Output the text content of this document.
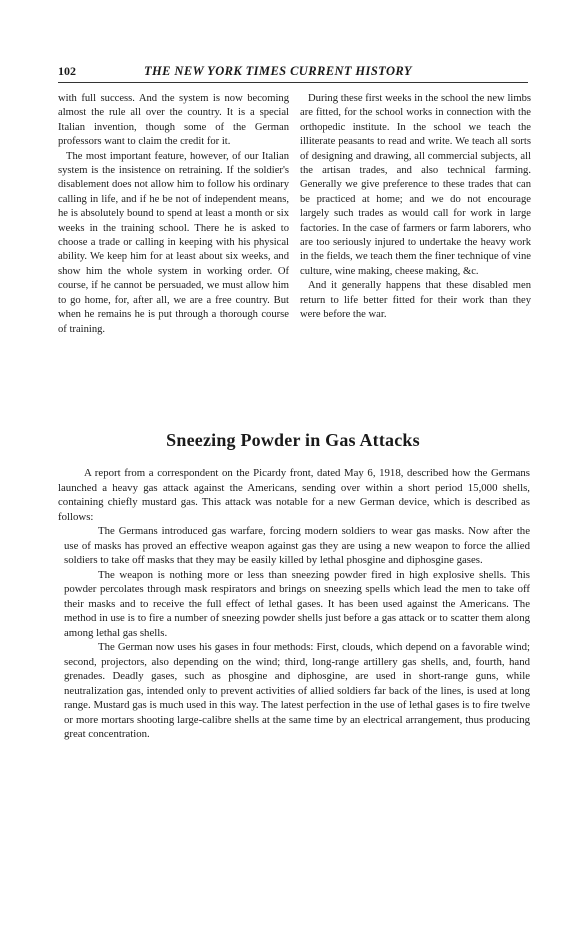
102	THE NEW YORK TIMES CURRENT HISTORY

with full success. And the system is now becoming almost the rule all over the country. It is a special Italian invention, though some of the German professors want to claim the credit for it.

The most important feature, however, of our Italian system is the insistence on retraining. If the soldier's disablement does not allow him to follow his ordinary calling in life, and if he be not of independent means, he is absolutely bound to spend at least a month or six weeks in the training school. There he is asked to choose a trade or calling in keeping with his physical ability. We keep him for at least about six weeks, and show him the whole system in working order. Of course, if he cannot be persuaded, we must allow him to go home, for, after all, we are a free country. But when he remains he is put through a thorough course of training.

During these first weeks in the school the new limbs are fitted, for the school works in connection with the orthopedic institute. In the school we teach the illiterate peasants to read and write. We teach all sorts of designing and drawing, all commercial subjects, all the artisan trades, and also technical farming. Generally we give preference to these trades that can be practiced at home; and we do not encourage largely such trades as would call for work in large factories. In the case of farmers or farm laborers, who are too seriously injured to undertake the heavy work in the fields, we teach them the finer technique of vine culture, wine making, cheese making, &c.

And it generally happens that these disabled men return to life better fitted for their work than they were before the war.

Sneezing Powder in Gas Attacks

A report from a correspondent on the Picardy front, dated May 6, 1918, described how the Germans launched a heavy gas attack against the Americans, sending over within a short period 15,000 shells, containing chiefly mustard gas. This attack was notable for a new German device, which is described as follows:

The Germans introduced gas warfare, forcing modern soldiers to wear gas masks. Now after the use of masks has proved an effective weapon against gas they are using a new weapon to force the allied soldiers to take off masks that they may be easily killed by lethal phosgine and diphosgine gases.

The weapon is nothing more or less than sneezing powder fired in high explosive shells. This powder percolates through mask respirators and brings on sneezing spells which lead the men to take off their masks and to receive the full effect of lethal gases. It has been used against the Americans. The method in use is to fire a number of sneezing powder shells just before a gas attack or to scatter them along among lethal gas shells.

The German now uses his gases in four methods: First, clouds, which depend on a favorable wind; second, projectors, also depending on the wind; third, long-range artillery gas shells, and, fourth, hand grenades. Deadly gases, such as phosgine and diphosgine, are used in short-range guns, while neutralization gas, intended only to prevent activities of allied soldiers far back of the lines, is used at long range. Mustard gas is much used in this way. The latest perfection in the use of lethal gases is to fire twelve or more mortars shooting large-calibre shells at the same time by an electrical arrangement, thus producing great concentration.
